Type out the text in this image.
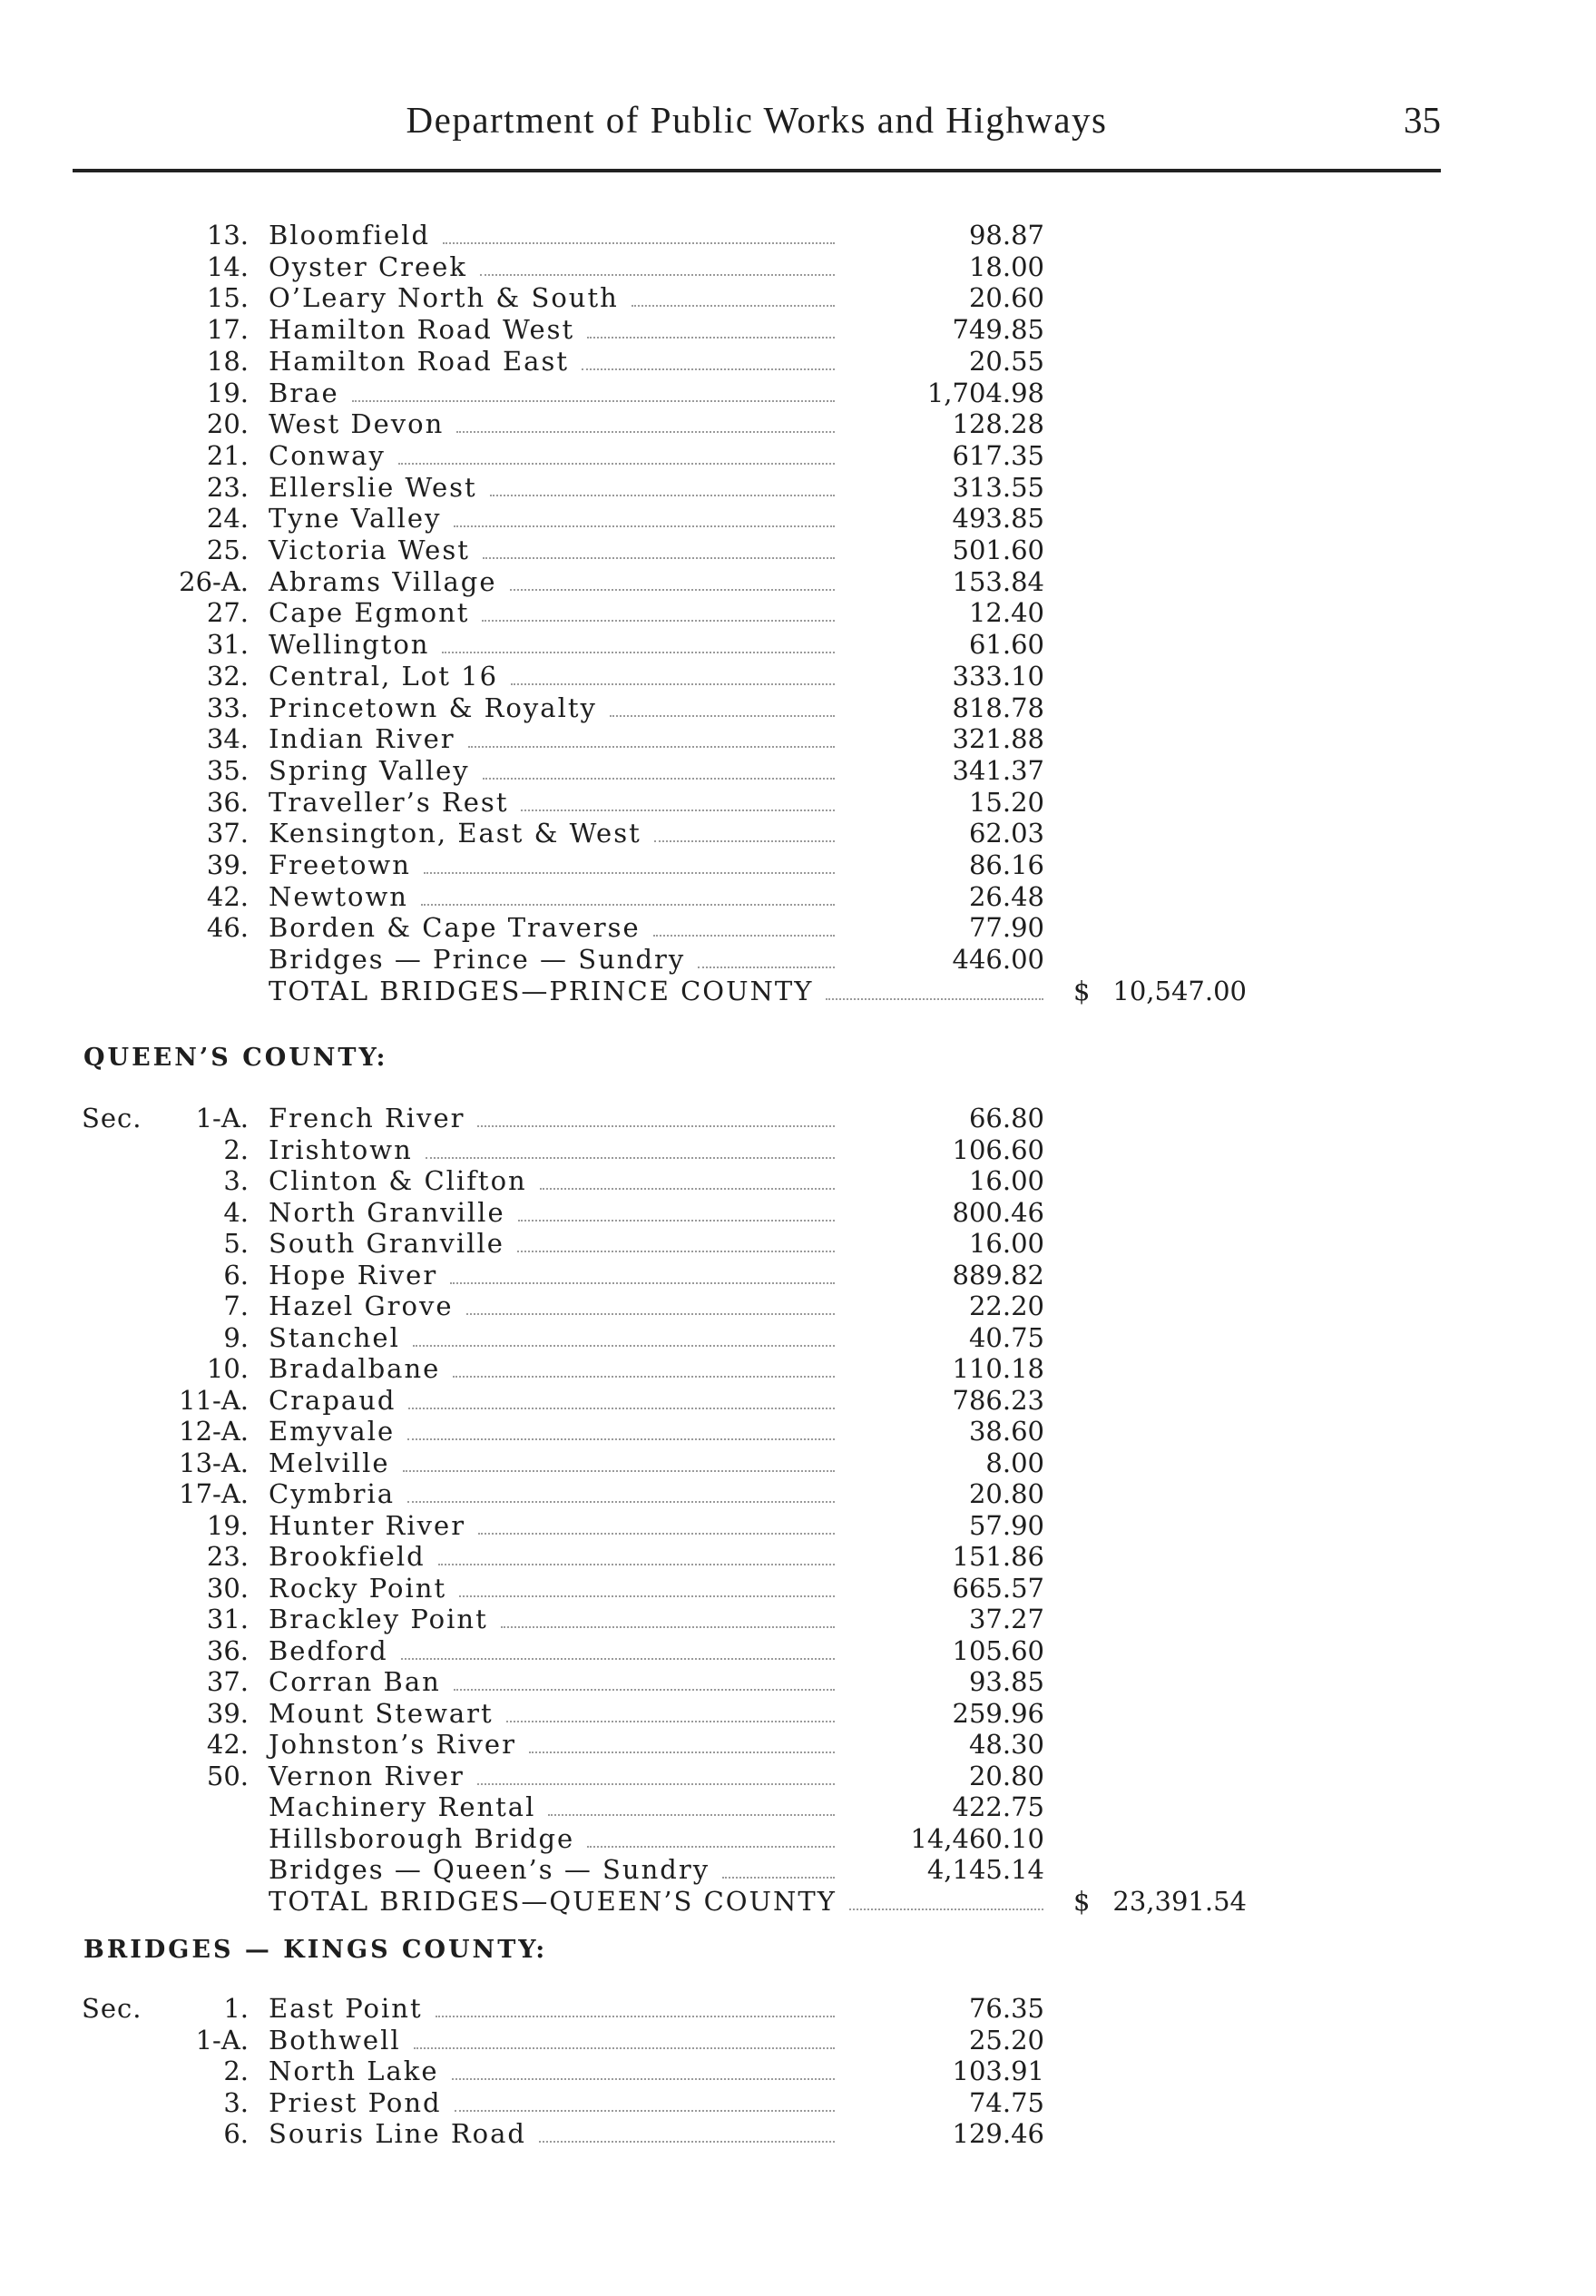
Department of Public Works and Highways	35
13. Bloomfield	98.87
14. Oyster Creek	18.00
15. O’Leary North & South	20.60
17. Hamilton Road West	749.85
18. Hamilton Road East	20.55
19. Brae	1,704.98
20. West Devon	128.28
21. Conway	617.35
23. Ellerslie West	313.55
24. Tyne Valley	493.85
25. Victoria West	501.60
26-A. Abrams Village	153.84
27. Cape Egmont	12.40
31. Wellington	61.60
32. Central, Lot 16	333.10
33. Princetown & Royalty	818.78
34. Indian River	321.88
35. Spring Valley	341.37
36. Traveller’s Rest	15.20
37. Kensington, East & West	62.03
39. Freetown	86.16
42. Newtown	26.48
46. Borden & Cape Traverse	77.90
Bridges — Prince — Sundry	446.00
TOTAL BRIDGES—PRINCE COUNTY	$ 10,547.00
QUEEN’S COUNTY:
Sec. 1-A. French River	66.80
2. Irishtown	106.60
3. Clinton & Clifton	16.00
4. North Granville	800.46
5. South Granville	16.00
6. Hope River	889.82
7. Hazel Grove	22.20
9. Stanchel	40.75
10. Bradalbane	110.18
11-A. Crapaud	786.23
12-A. Emyvale	38.60
13-A. Melville	8.00
17-A. Cymbria	20.80
19. Hunter River	57.90
23. Brookfield	151.86
30. Rocky Point	665.57
31. Brackley Point	37.27
36. Bedford	105.60
37. Corran Ban	93.85
39. Mount Stewart	259.96
42. Johnston’s River	48.30
50. Vernon River	20.80
Machinery Rental	422.75
Hillsborough Bridge	14,460.10
Bridges — Queen’s — Sundry	4,145.14
TOTAL BRIDGES—QUEEN’S COUNTY	$ 23,391.54
BRIDGES — KINGS COUNTY:
Sec.	1. East Point	76.35
1-A. Bothwell	25.20
2. North Lake	103.91
3. Priest Pond	74.75
6. Souris Line Road	129.46
